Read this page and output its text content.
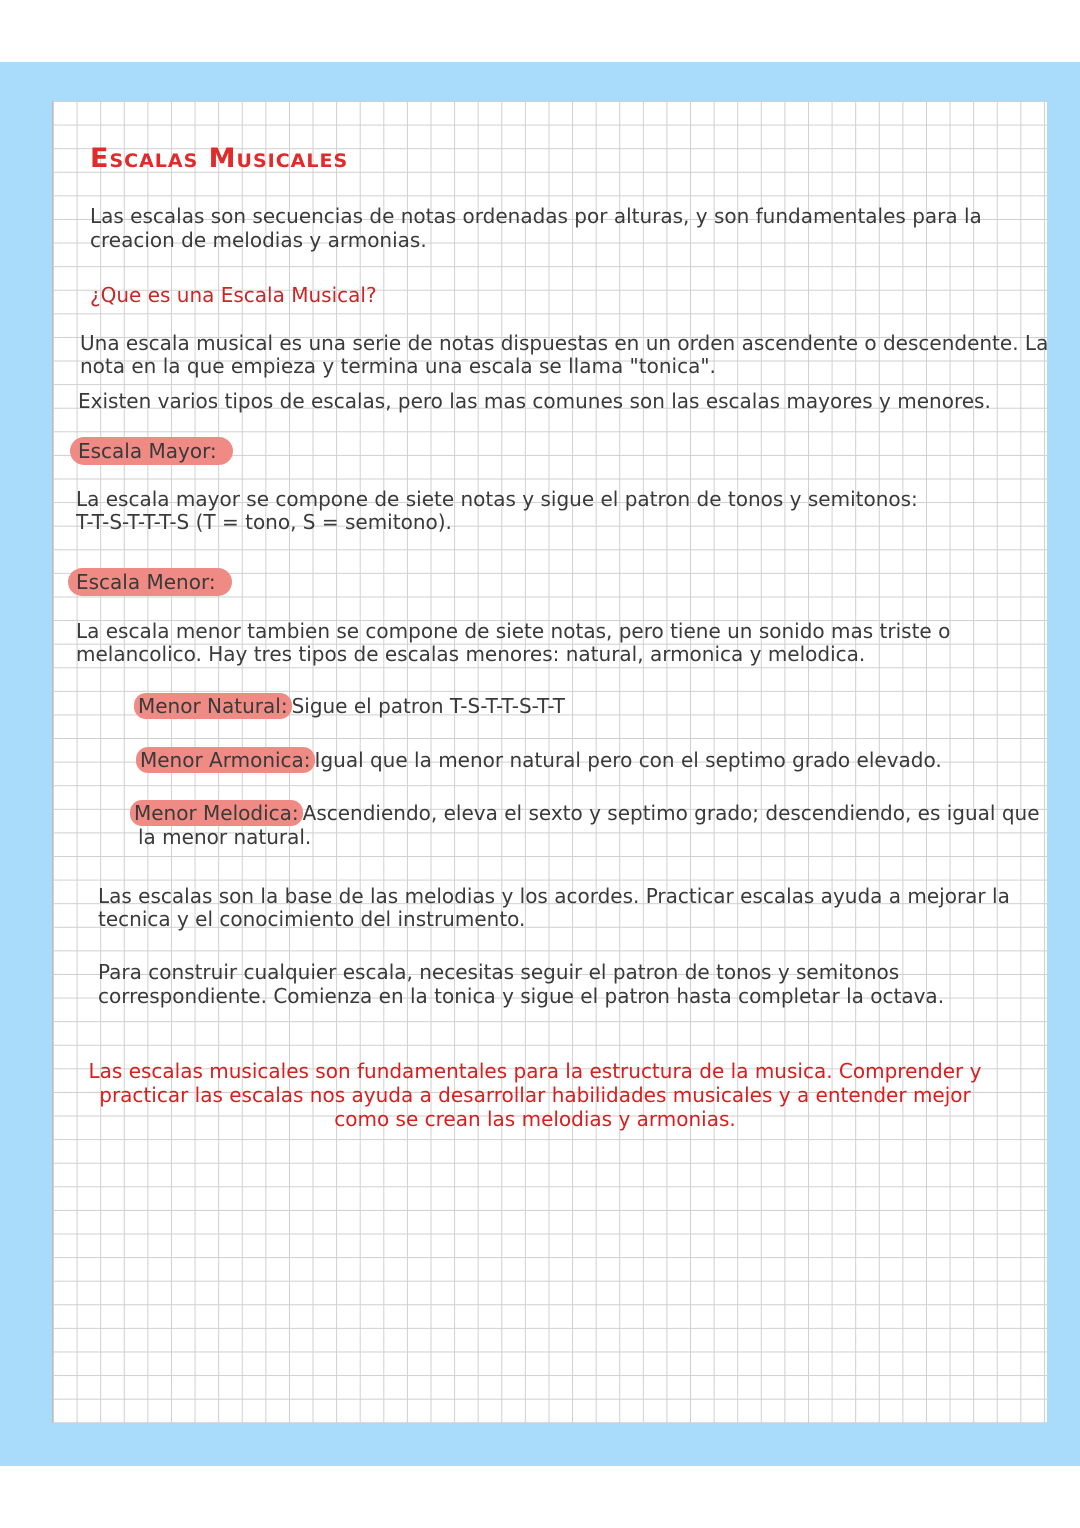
Escalas Musicales
Las escalas son secuencias de notas ordenadas por alturas, y son fundamentales para la
creacion de melodias y armonias.
¿Que es una Escala Musical?
Una escala musical es una serie de notas dispuestas en un orden ascendente o descendente. La
nota en la que empieza y termina una escala se llama "tonica".
Existen varios tipos de escalas, pero las mas comunes son las escalas mayores y menores.
Escala Mayor:
La escala mayor se compone de siete notas y sigue el patron de tonos y semitonos:
T-T-S-T-T-T-S (T = tono, S = semitono).
Escala Menor:
La escala menor tambien se compone de siete notas, pero tiene un sonido mas triste o
melancolico. Hay tres tipos de escalas menores: natural, armonica y melodica.
Menor Natural: Sigue el patron T-S-T-T-S-T-T
Menor Armonica: Igual que la menor natural pero con el septimo grado elevado.
Menor Melodica: Ascendiendo, eleva el sexto y septimo grado; descendiendo, es igual que
la menor natural.
Las escalas son la base de las melodias y los acordes. Practicar escalas ayuda a mejorar la
tecnica y el conocimiento del instrumento.
Para construir cualquier escala, necesitas seguir el patron de tonos y semitonos
correspondiente. Comienza en la tonica y sigue el patron hasta completar la octava.
Las escalas musicales son fundamentales para la estructura de la musica. Comprender y
practicar las escalas nos ayuda a desarrollar habilidades musicales y a entender mejor
como se crean las melodias y armonias.
